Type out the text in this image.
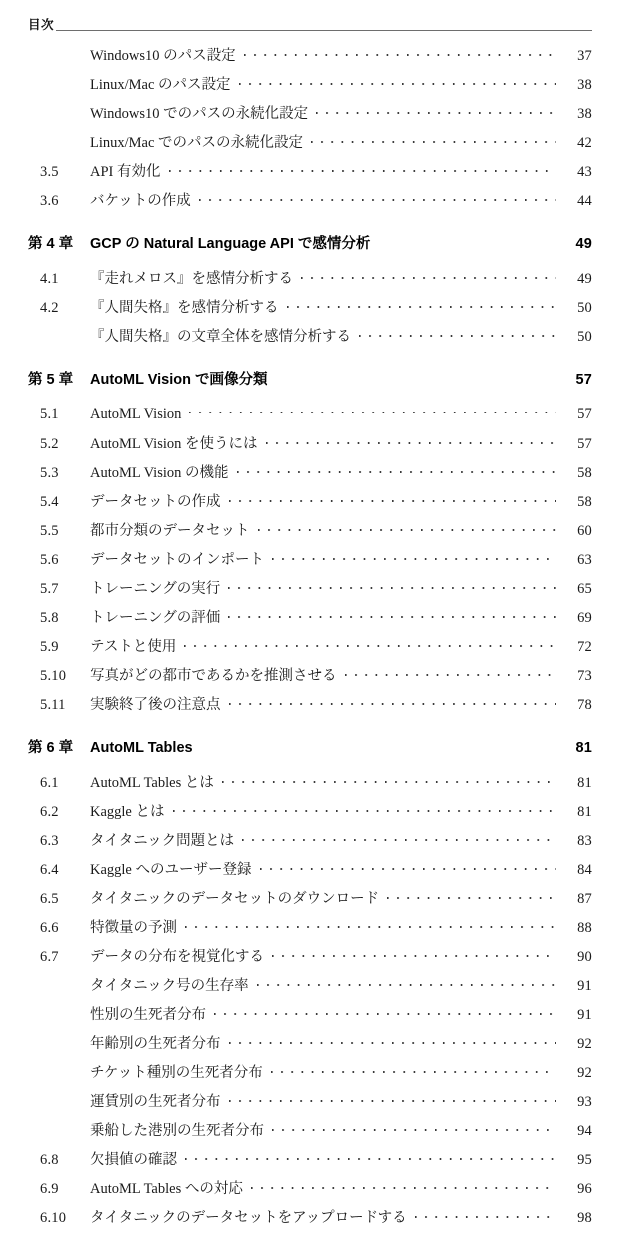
目次
Windows10 のパス設定	37
Linux/Mac のパス設定	38
Windows10 でのパスの永続化設定	38
Linux/Mac でのパスの永続化設定	42
3.5	API 有効化	43
3.6	バケットの作成	44
第 4 章	GCP の Natural Language API で感情分析	49
4.1	『走れメロス』を感情分析する	49
4.2	『人間失格』を感情分析する	50
『人間失格』の文章全体を感情分析する	50
第 5 章	AutoML Vision で画像分類	57
5.1	AutoML Vision	57
5.2	AutoML Vision を使うには	57
5.3	AutoML Vision の機能	58
5.4	データセットの作成	58
5.5	都市分類のデータセット	60
5.6	データセットのインポート	63
5.7	トレーニングの実行	65
5.8	トレーニングの評価	69
5.9	テストと使用	72
5.10	写真がどの都市であるかを推測させる	73
5.11	実験終了後の注意点	78
第 6 章	AutoML Tables	81
6.1	AutoML Tables とは	81
6.2	Kaggle とは	81
6.3	タイタニック問題とは	83
6.4	Kaggle へのユーザー登録	84
6.5	タイタニックのデータセットのダウンロード	87
6.6	特徴量の予測	88
6.7	データの分布を視覚化する	90
タイタニック号の生存率	91
性別の生死者分布	91
年齢別の生死者分布	92
チケット種別の生死者分布	92
運賃別の生死者分布	93
乗船した港別の生死者分布	94
6.8	欠損値の確認	95
6.9	AutoML Tables への対応	96
6.10	タイタニックのデータセットをアップロードする	98
